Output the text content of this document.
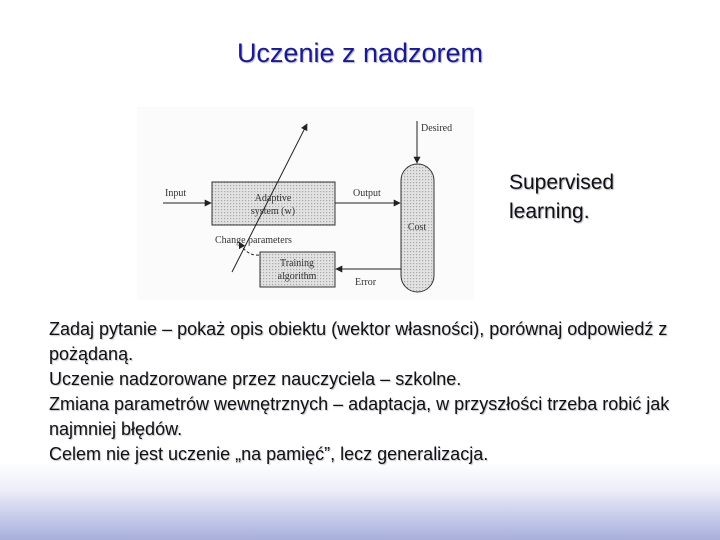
Uczenie z nadzorem
Desired
Input	Output
Adaptive
system (w)
Cost
Change parameters
Training
algorithm
Error
Supervised
learning.

Zadaj pytanie – pokaż opis obiektu (wektor własności), porównaj odpowiedź z pożądaną.

Uczenie nadzorowane przez nauczyciela – szkolne.

Zmiana parametrów wewnętrznych – adaptacja, w przyszłości trzeba robić jak najmniej błędów.

Celem nie jest uczenie „na pamięć”, lecz generalizacja.
